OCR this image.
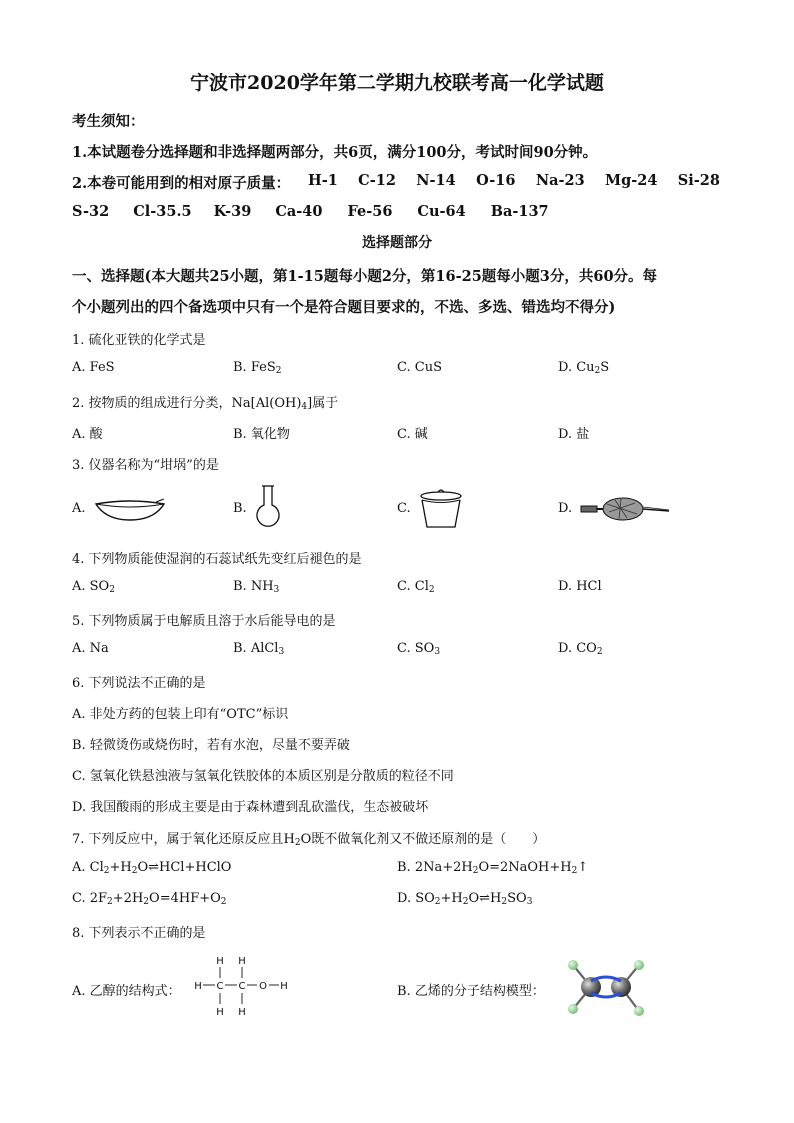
宁波市2020学年第二学期九校联考高一化学试题
考生须知：
1.本试题卷分选择题和非选择题两部分，共6页，满分100分，考试时间90分钟。
2.本卷可能用到的相对原子质量： H-1 C-12 N-14 O-16 Na-23 Mg-24 Si-28
S-32 Cl-35.5 K-39 Ca-40 Fe-56 Cu-64 Ba-137
选择题部分
一、选择题(本大题共25小题，第1-15题每小题2分，第16-25题每小题3分，共60分。每
个小题列出的四个备选项中只有一个是符合题目要求的，不选、多选、错选均不得分)
1. 硫化亚铁的化学式是
A. FeS	B. FeS$_2$	C. CuS	D. $Cu_2S$
2. 按物质的组成进行分类，$Na[Al(OH)_4]$属于
A. 酸	B. 氧化物	C. 碱	D. 盐
3. 仪器名称为“坩埚”的是
A.	B.	C.	D.
4. 下列物质能使湿润的石蕊试纸先变红后褪色的是
A. $SO_2$	B. $NH_3$	C. $Cl_2$	D. HCl
5. 下列物质属于电解质且溶于水后能导电的是
A. Na	B. AlCl$_3$	C. $SO_3$	D. $CO_2$
6. 下列说法不正确的是
A. 非处方药的包装上印有“OTC”标识
B. 轻微烫伤或烧伤时，若有水泡，尽量不要弄破
C. 氢氧化铁悬浊液与氢氧化铁胶体的本质区别是分散质的粒径不同
D. 我国酸雨的形成主要是由于森林遭到乱砍滥伐，生态被破坏
7. 下列反应中，属于氧化还原反应且$H_2O$既不做氧化剂又不做还原剂的是（　　）
A. $Cl_2+H_2O\rightleftharpoons HCl+HClO$	B. $2Na+2H_2O=2NaOH+H_2↑$
C. $2F_2+2H_2O=4HF+O_2$	D. $SO_2+H_2O\rightleftharpoons H_2SO_3$
8. 下列表示不正确的是
A. 乙醇的结构式：	B. 乙烯的分子结构模型：
H H
H C C O H
H H
